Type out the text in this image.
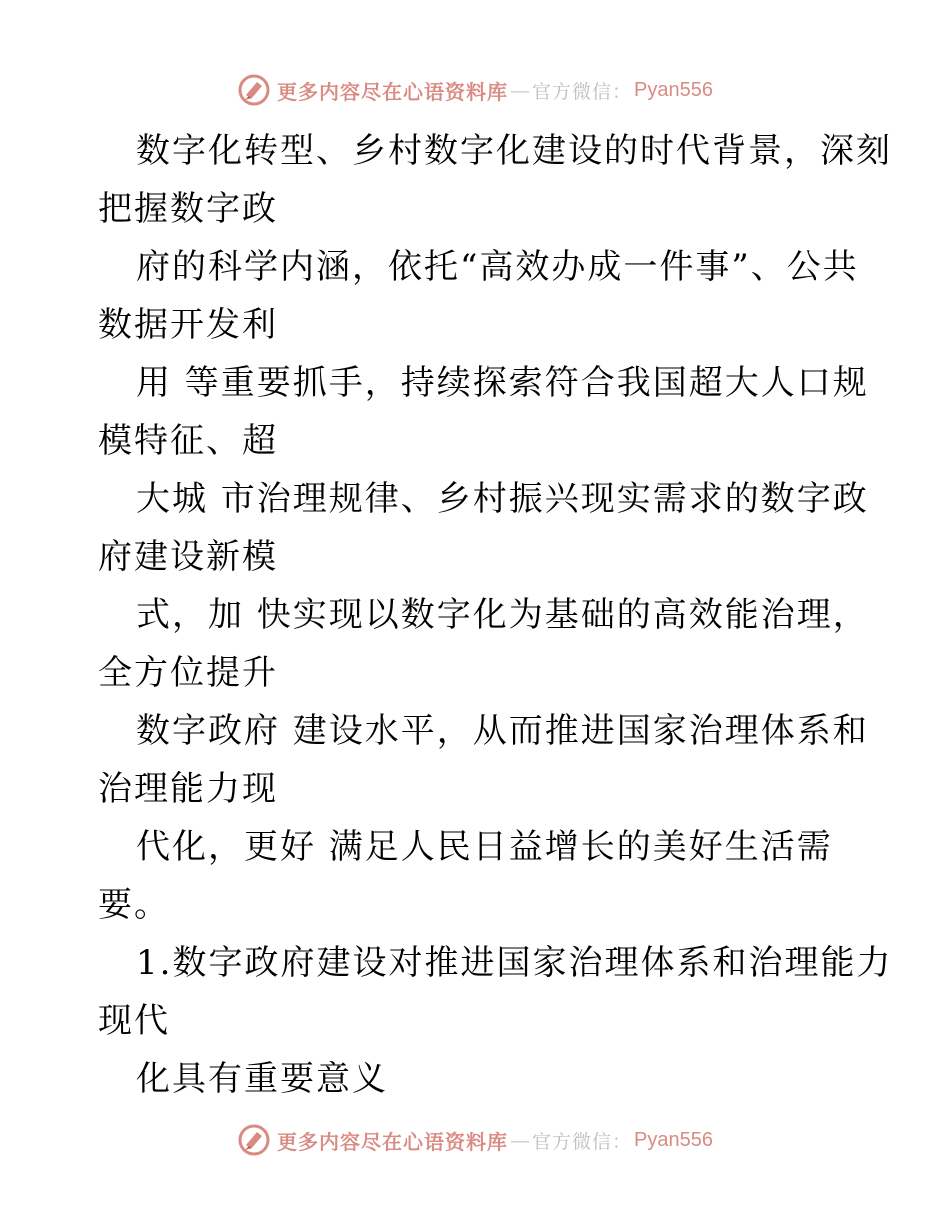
更多内容尽在心语资料库 — 官方微信： Pyan556
数字化转型、乡村数字化建设的时代背景，深刻
把握数字政
府的科学内涵，依托“高效办成一件事”、公共
数据开发利
用 等重要抓手，持续探索符合我国超大人口规
模特征、超
大城 市治理规律、乡村振兴现实需求的数字政
府建设新模
式，加 快实现以数字化为基础的高效能治理，
全方位提升
数字政府 建设水平，从而推进国家治理体系和
治理能力现
代化，更好 满足人民日益增长的美好生活需
要。
1.数字政府建设对推进国家治理体系和治理能力
现代
化具有重要意义
更多内容尽在心语资料库 — 官方微信： Pyan556
